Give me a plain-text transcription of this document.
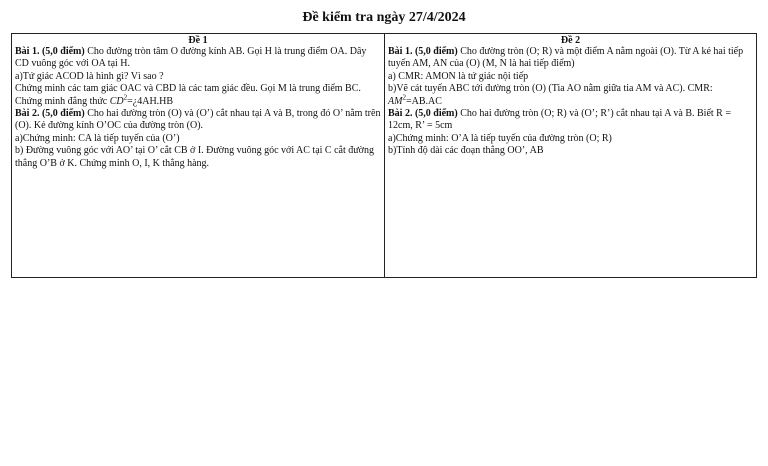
Đề kiểm tra ngày 27/4/2024
Đề 1
Bài 1. (5,0 điểm) Cho đường tròn tâm O đường kính AB. Gọi H là trung điểm OA. Dây CD vuông góc với OA tại H.
a)Tứ giác ACOD là hình gì? Vì sao ?
Chứng minh các tam giác OAC và CBD là các tam giác đều. Gọi M là trung điểm BC. Chứng minh đẳng thức $CD^2=¿4AH.HB$
Bài 2. (5,0 điểm) Cho hai đường tròn (O) và (O’) cắt nhau tại A và B, trong đó O’ nằm trên (O). Kẻ đường kính O’OC của đường tròn (O).
a)Chứng minh: CA là tiếp tuyến của (O’)
b) Đường vuông góc với AO’ tại O’ cắt CB ở I. Đường vuông góc với AC tại C cắt đường thẳng O’B ở K. Chứng minh O, I, K thẳng hàng.
Đề 2
Bài 1. (5,0 điểm) Cho đường tròn (O; R) và một điểm A nằm ngoài (O). Từ A kẻ hai tiếp tuyến AM, AN của (O) (M, N là hai tiếp điểm)
a) CMR: AMON là tứ giác nội tiếp
b)Vẽ cát tuyến ABC tới đường tròn (O) (Tia AO nằm giữa tia AM và AC). CMR:
$AM^2=AB.AC$
Bài 2. (5,0 điểm) Cho hai đường tròn (O; R) và (O’; R’) cắt nhau tại A và B. Biết R = 12cm, R’ = 5cm
a)Chứng minh: O’A là tiếp tuyến của đường tròn (O; R)
b)Tính độ dài các đoạn thẳng OO’, AB
